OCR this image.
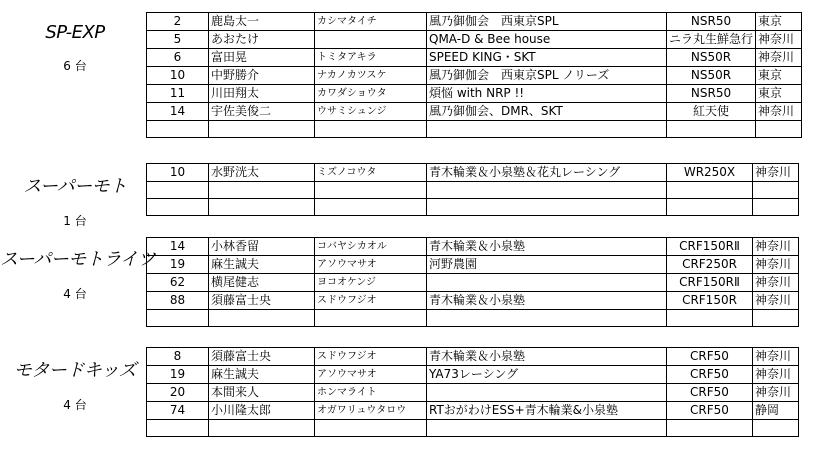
SP-EXP
6 台
2	鹿島太一	カシマタイチ	風乃御伽会　西東京SPL	NSR50	東京
5	あおたけ		QMA-D & Bee house	ニラ丸生鮮急行	神奈川
6	富田晃	トミタアキラ	SPEED KING・SKT	NS50R	神奈川
10	中野勝介	ナカノカツスケ	風乃御伽会　西東京SPL ノリーズ	NS50R	東京
11	川田翔太	カワダショウタ	煩悩 with NRP !!	NSR50	東京
14	宇佐美俊二	ウサミシュンジ	風乃御伽会、DMR、SKT	紅天使	神奈川

スーパーモト
1 台
10	水野洸太	ミズノコウタ	青木輪業＆小泉塾＆花丸レーシング	WR250X	神奈川

スーパーモトライツ
4 台
14	小林香留	コバヤシカオル	青木輪業＆小泉塾	CRF150RⅡ	神奈川
19	麻生誠夫	アソウマサオ	河野農園	CRF250R	神奈川
62	横尾健志	ヨコオケンジ		CRF150RⅡ	神奈川
88	須藤富士央	スドウフジオ	青木輪業＆小泉塾	CRF150R	神奈川

モタードキッズ
4 台
8	須藤富士央	スドウフジオ	青木輪業＆小泉塾	CRF50	神奈川
19	麻生誠夫	アソウマサオ	YA73レーシング	CRF50	神奈川
20	本間来人	ホンマライト		CRF50	神奈川
74	小川隆太郎	オガワリュウタロウ	RTおがわけESS+青木輪業&小泉塾	CRF50	静岡
